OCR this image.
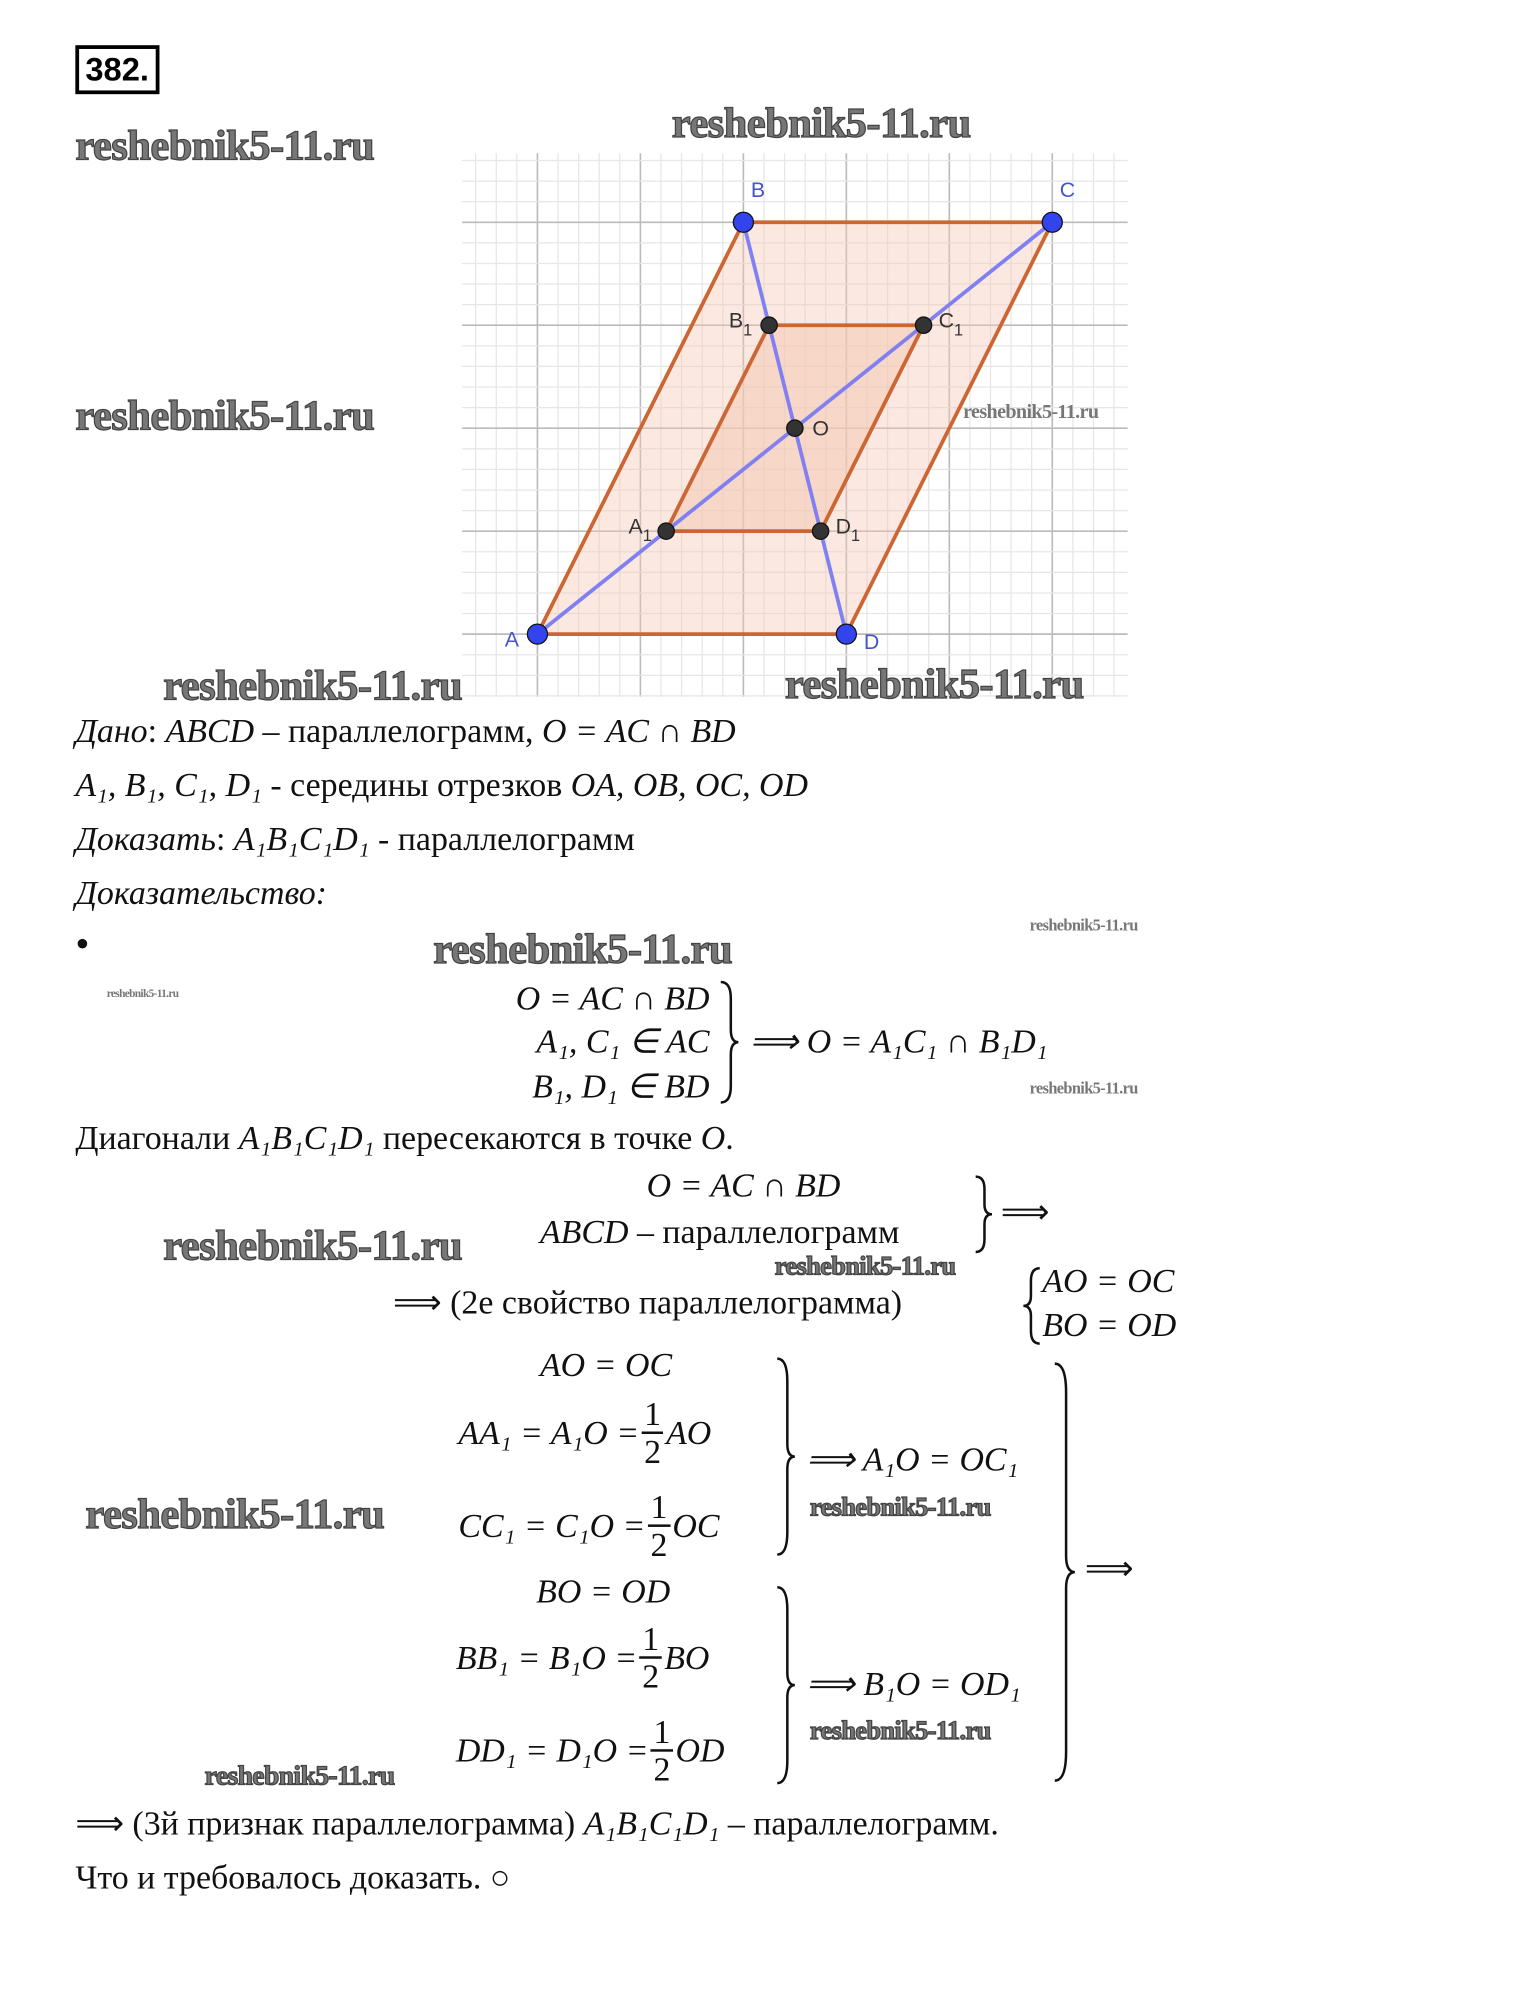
382.
A
B	C
D
O
$A_1$
$B_1$	$C_1$
$D_1$
reshebnik5-11.ru	reshebnik5-11.ru
reshebnik5-11.ru	reshebnik5-11.ru
reshebnik5-11.ru	reshebnik5-11.ru
reshebnik5-11.ru
reshebnik5-11.ru
reshebnik5-11.ru
reshebnik5-11.ru
reshebnik5-11.ru	reshebnik5-11.ru
reshebnik5-11.ru
reshebnik5-11.ru
reshebnik5-11.ru
reshebnik5-11.ru
Дано: ABCD – параллелограмм, O = AC ∩ BD
A₁, B₁, C₁, D₁ - середины отрезков OA, OB, OC, OD
Доказать: A₁B₁C₁D₁ - параллелограмм
Доказательство:
•
O = AC ∩ BD
A₁, C₁ ∈ AC
B₁, D₁ ∈ BD
⟹ O = A₁C₁ ∩ B₁D₁
Диагонали A₁B₁C₁D₁ пересекаются в точке O.
O = AC ∩ BD
ABCD – параллелограмм
⟹
⟹ (2е свойство параллелограмма)
AO = OC
BO = OD
AO = OC
$AA_1 = A_1O = \frac{1}{2}$ AO
$CC_1 = C_1O = \frac{1}{2}$ OC
⟹ A₁O = OC₁
BO = OD
$BB_1 = B_1O = \frac{1}{2}$ BO
$DD_1 = D_1O = \frac{1}{2}$ OD
⟹ B₁O = OD₁
⟹
⟹ (3й признак параллелограмма) A₁B₁C₁D₁ – параллелограмм.
Что и требовалось доказать. ○
